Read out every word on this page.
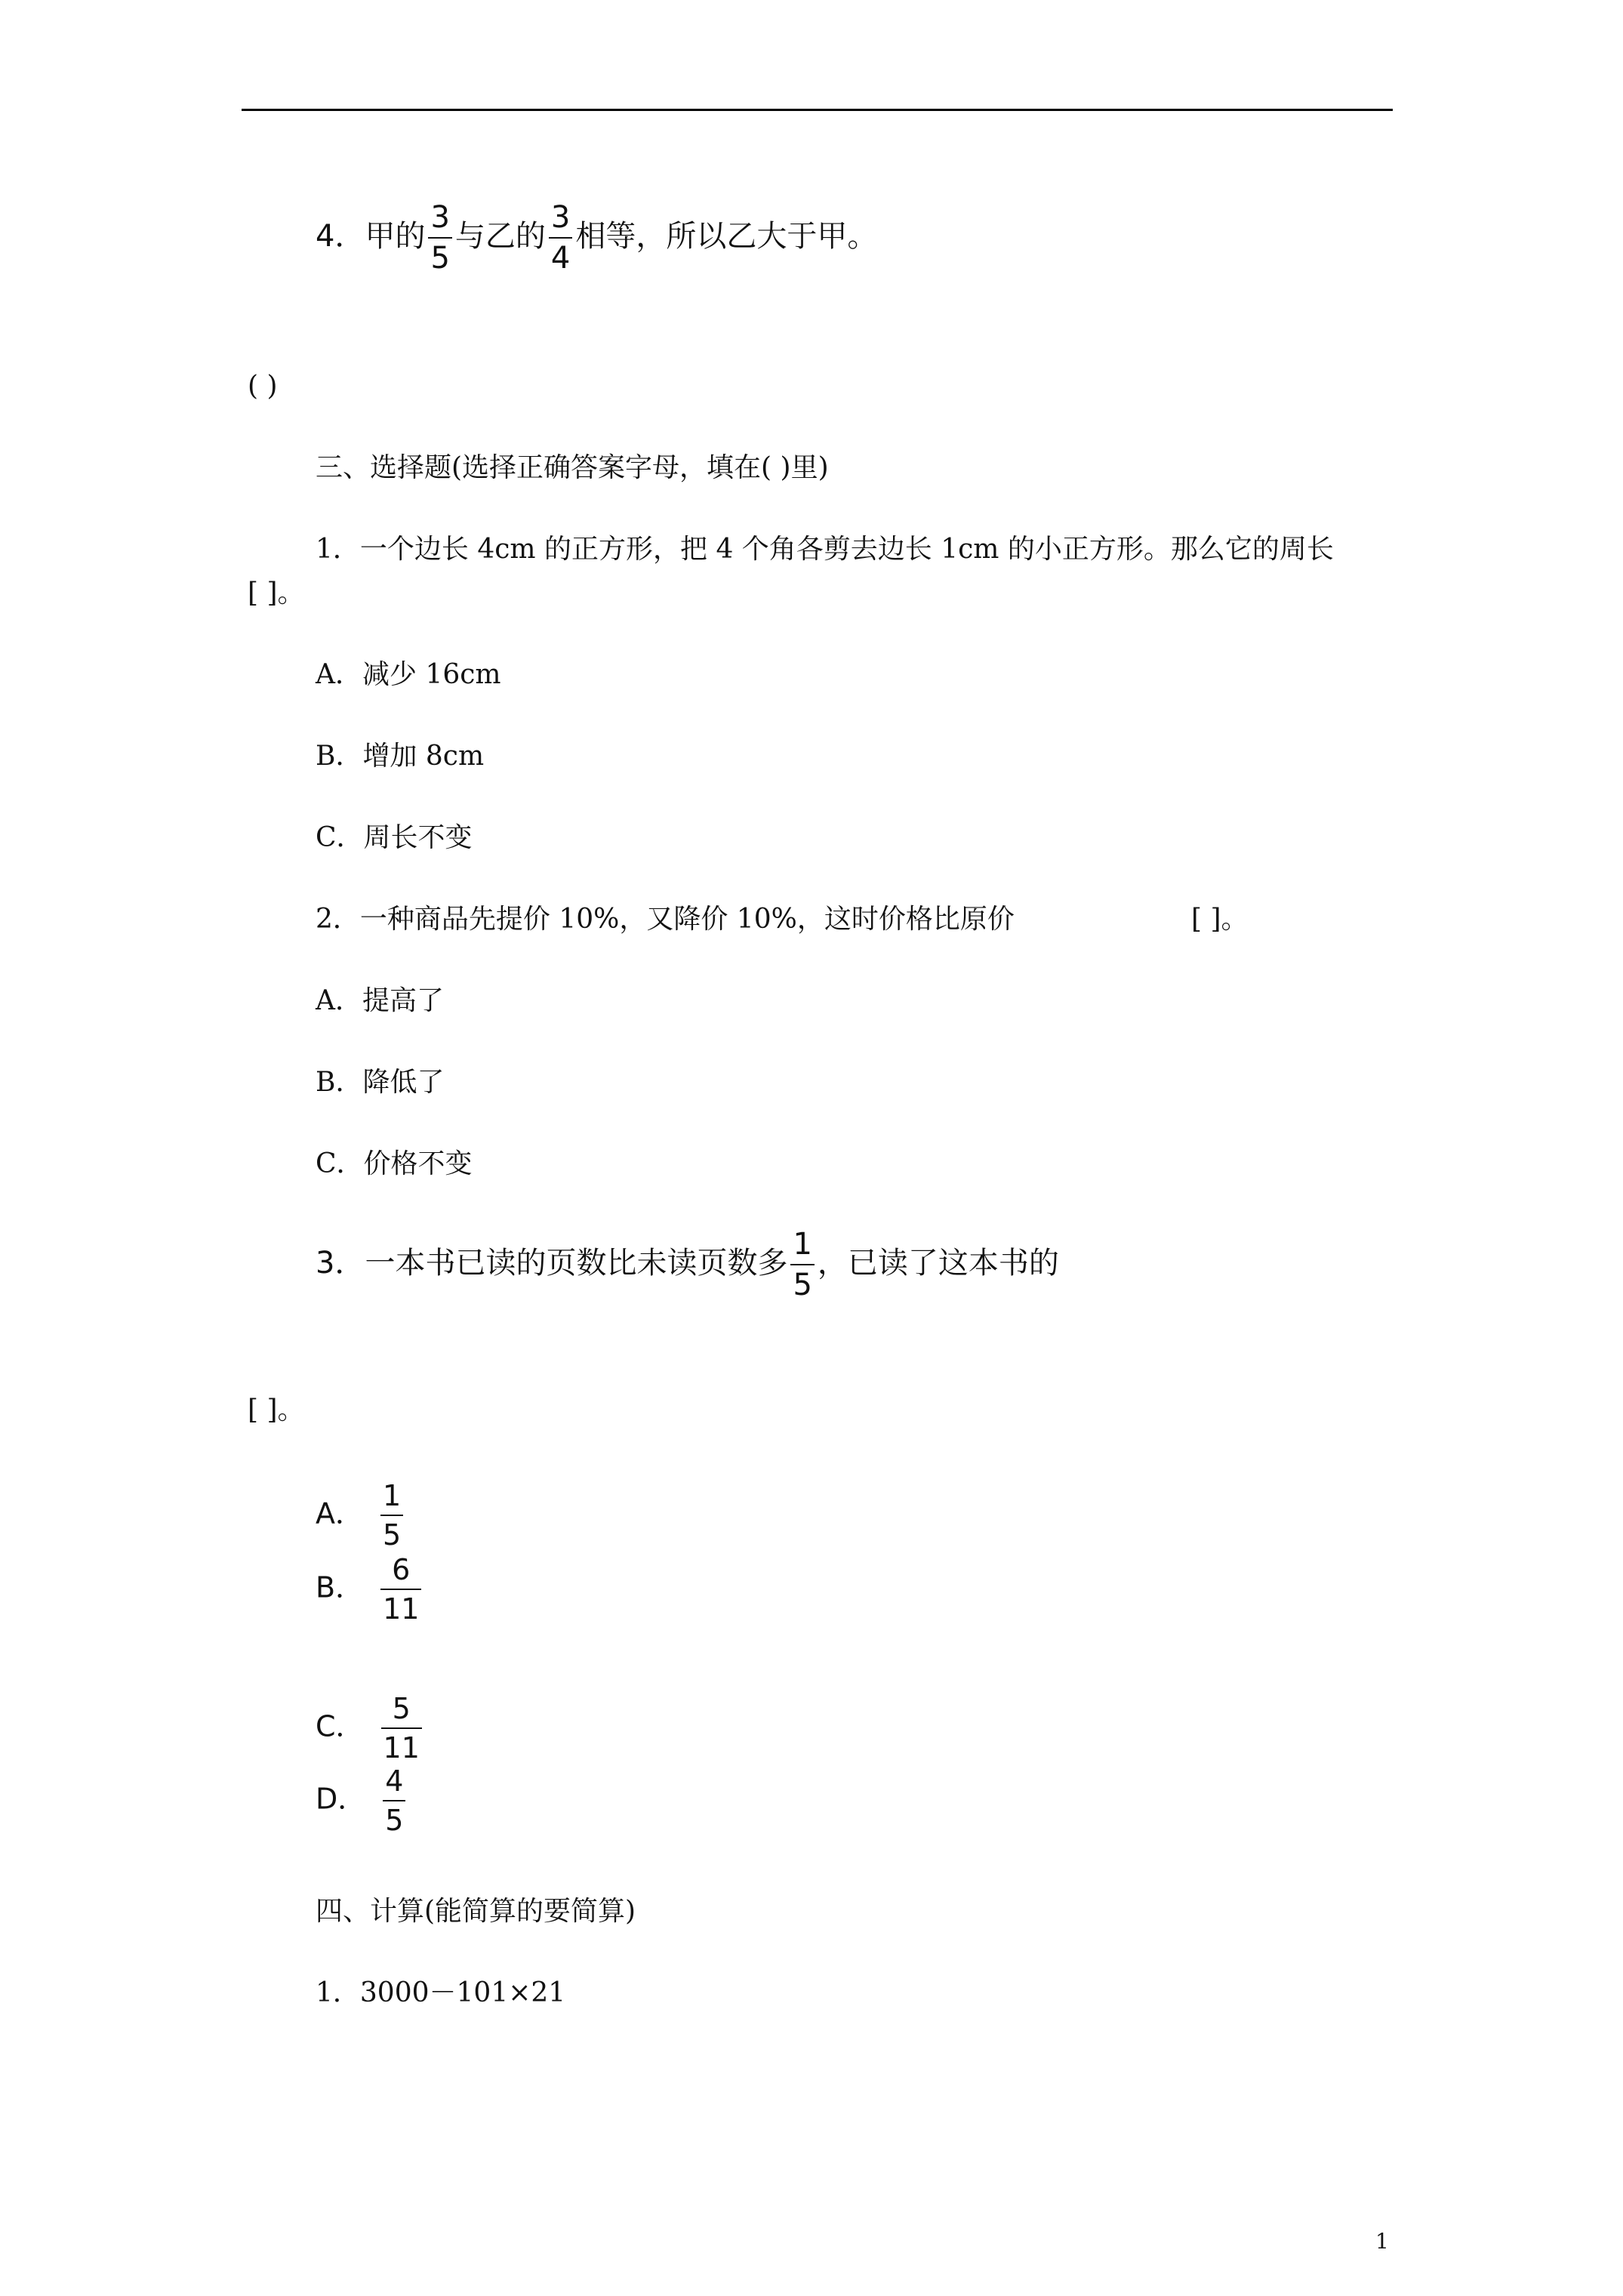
4．甲的 $\frac{3}{5}$ 与乙的 $\frac{3}{4}$ 相等，所以乙大于甲。
( )
三、选择题(选择正确答案字母，填在( )里)
1．一个边长 4cm 的正方形，把 4 个角各剪去边长 1cm 的小正方形。那么它的周长
[ ]。
A．减少 16cm
B．增加 8cm
C．周长不变
2．一种商品先提价 10%，又降价 10%，这时价格比原价	[ ]。
A．提高了
B．降低了
C．价格不变
3．一本书已读的页数比未读页数多 $\frac{1}{5}$ ，已读了这本书的
[ ]。
A． $\frac{1}{5}$
B． $\frac{6}{11}$
C． $\frac{5}{11}$
D． $\frac{4}{5}$
四、计算(能简算的要简算)
1．3000－101×21
1
